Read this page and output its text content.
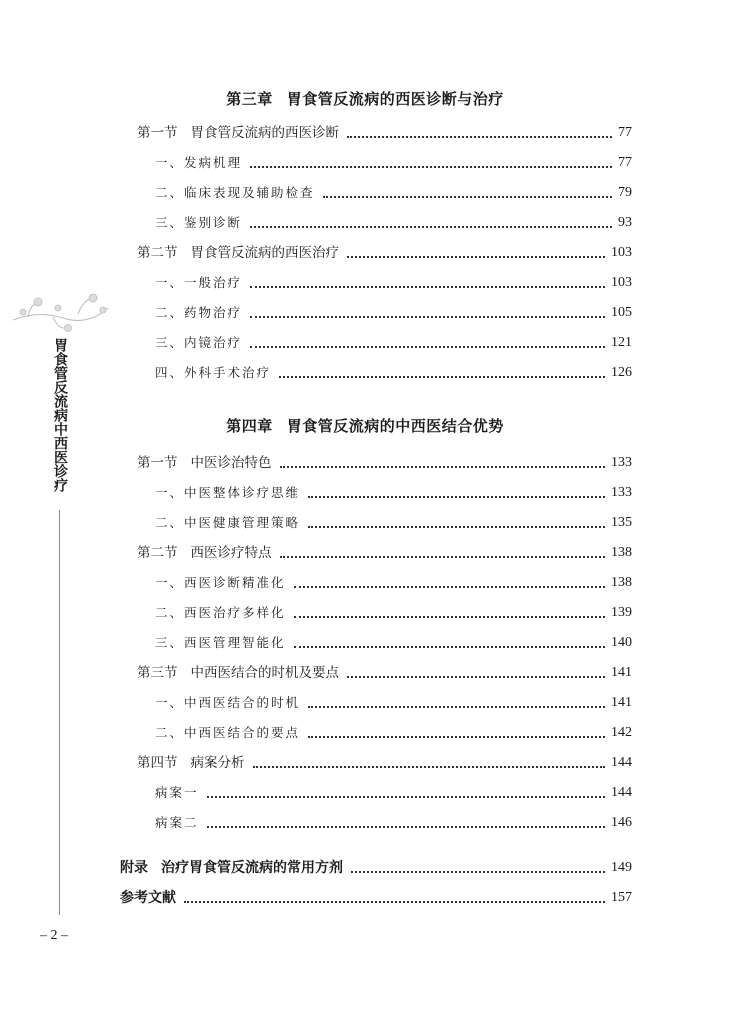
胃食管反流病中西医诊疗
– 2 –
第三章 胃食管反流病的西医诊断与治疗
第一节 胃食管反流病的西医诊断	77
一、发病机理	77
二、临床表现及辅助检查	79
三、鉴别诊断	93
第二节 胃食管反流病的西医治疗	103
一、一般治疗	103
二、药物治疗	105
三、内镜治疗	121
四、外科手术治疗	126
第四章 胃食管反流病的中西医结合优势
第一节 中医诊治特色	133
一、中医整体诊疗思维	133
二、中医健康管理策略	135
第二节 西医诊疗特点	138
一、西医诊断精准化	138
二、西医治疗多样化	139
三、西医管理智能化	140
第三节 中西医结合的时机及要点	141
一、中西医结合的时机	141
二、中西医结合的要点	142
第四节 病案分析	144
病案一	144
病案二	146
附录 治疗胃食管反流病的常用方剂	149
参考文献	157
